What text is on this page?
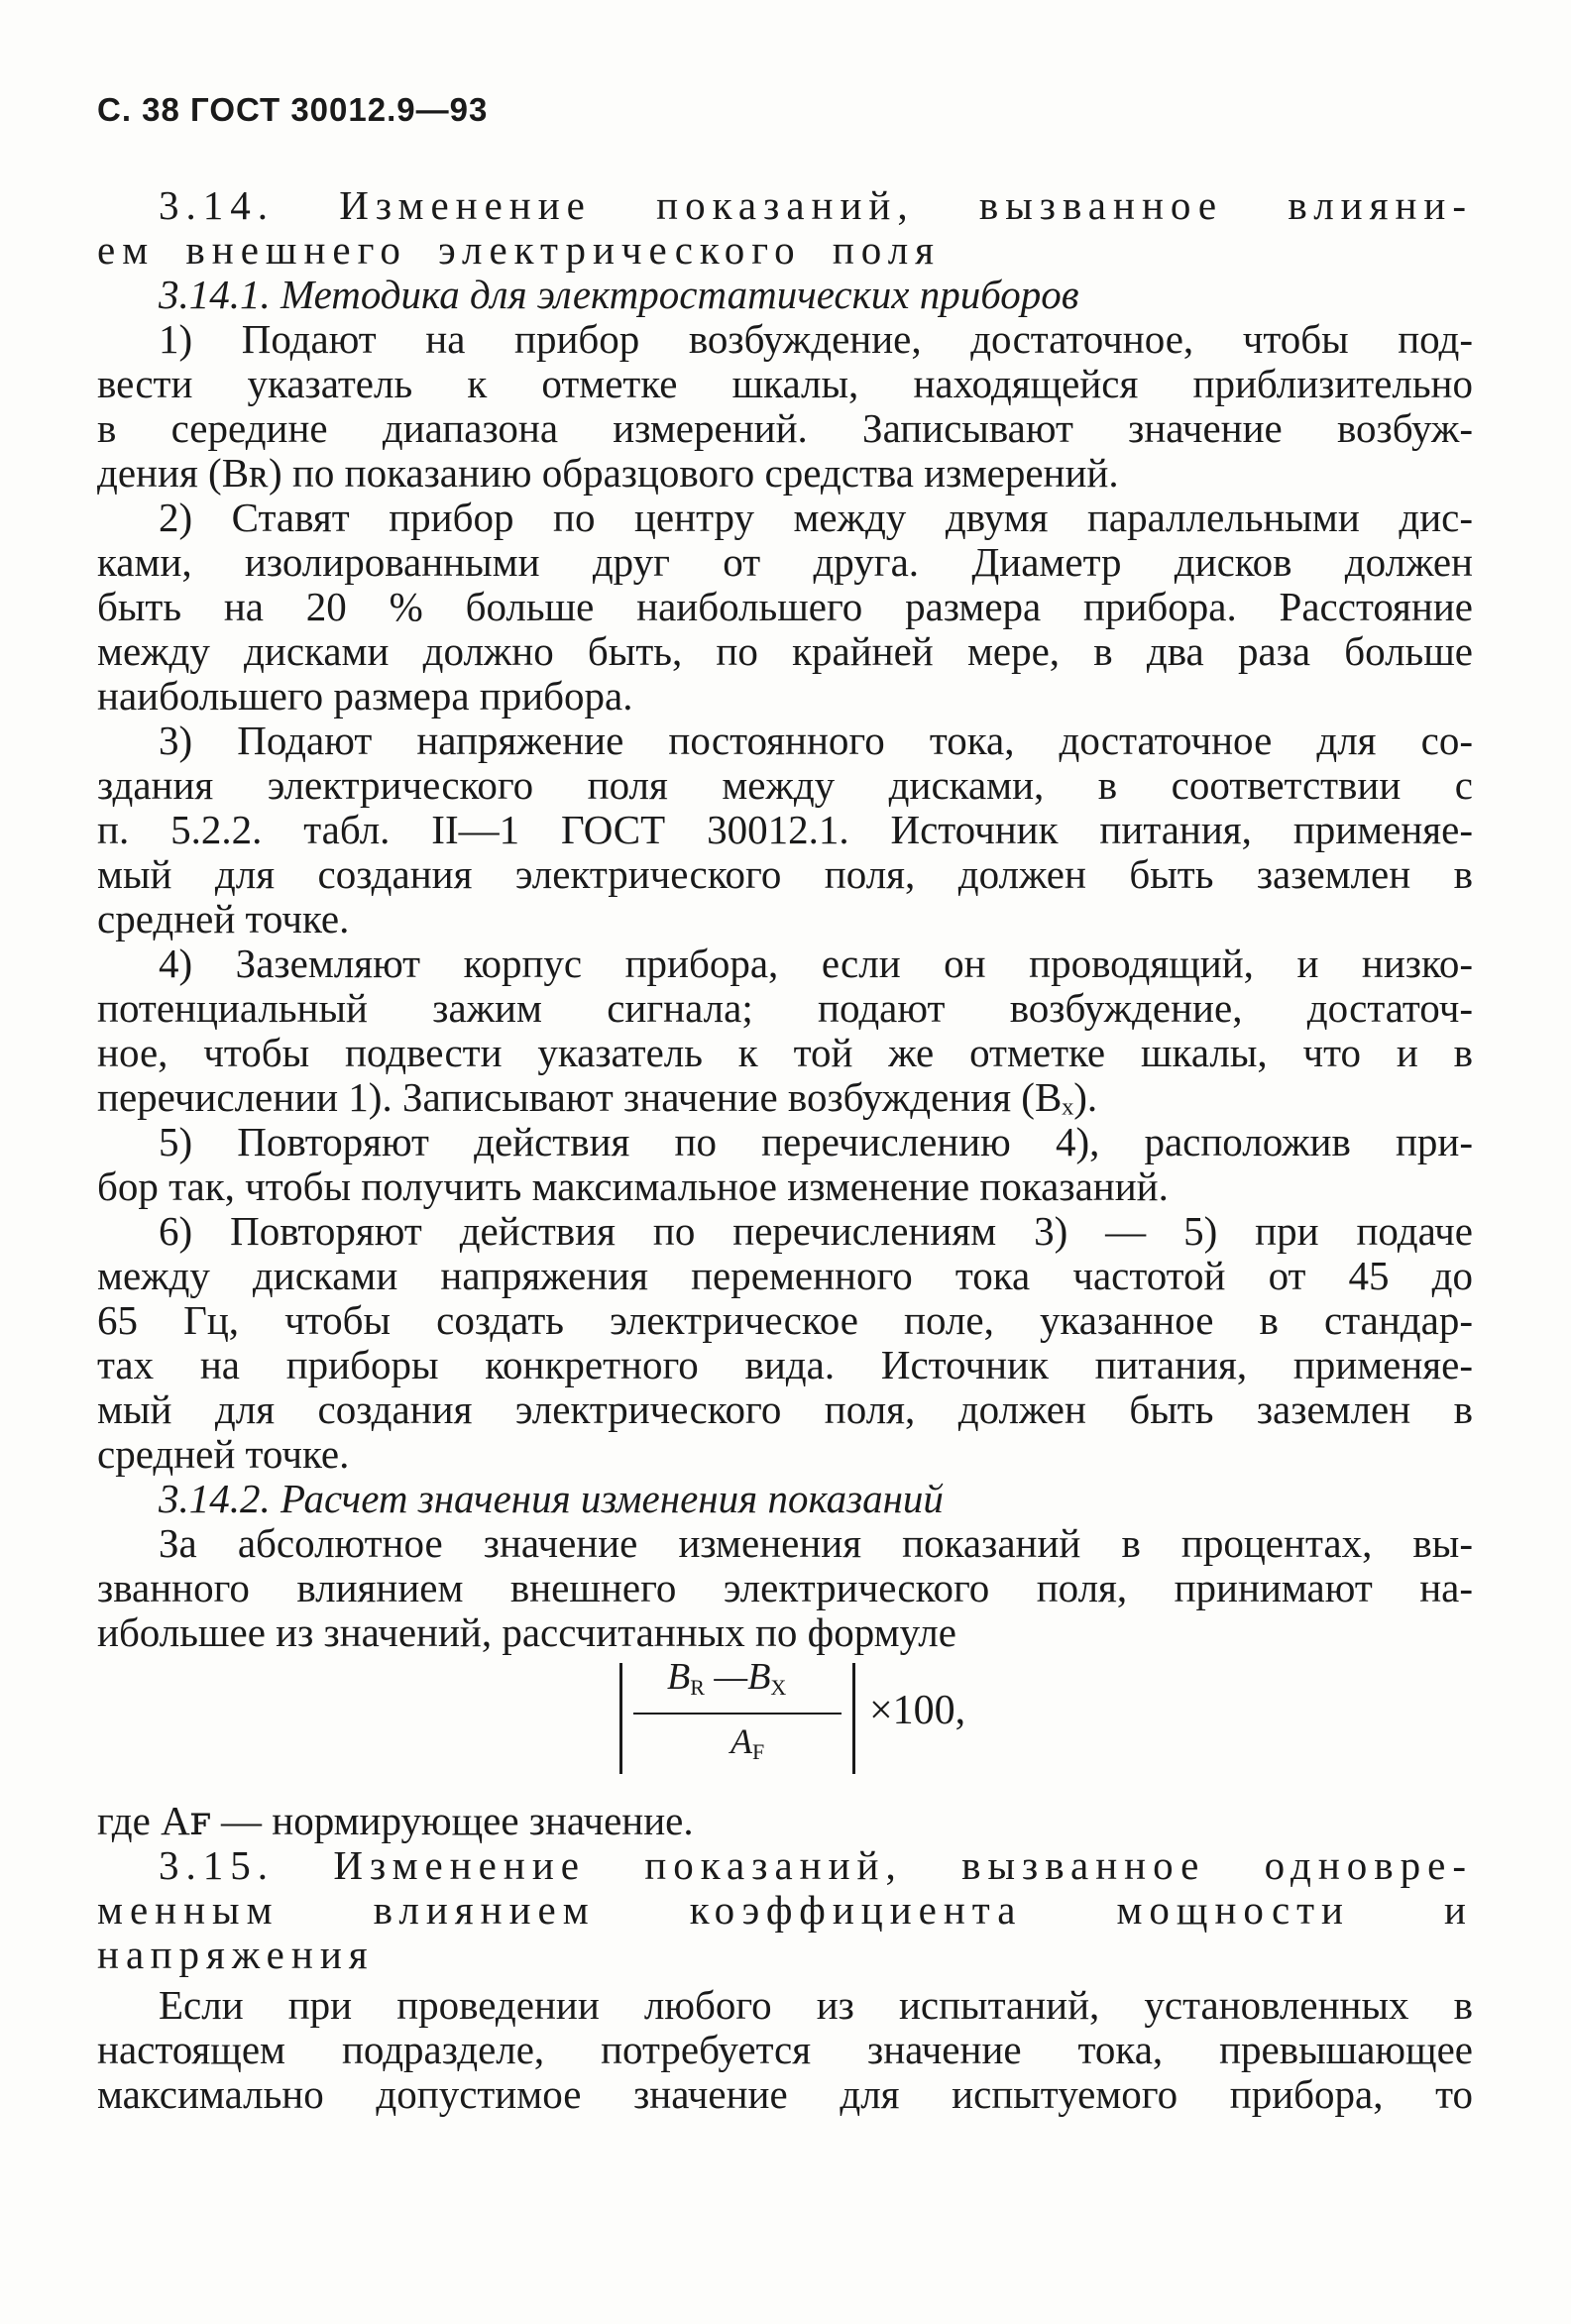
С. 38 ГОСТ 30012.9—93
3.14. Изменение показаний, вызванное влияни-
ем внешнего электрического поля
3.14.1. Методика для электростатических приборов
1) Подают на прибор возбуждение, достаточное, чтобы под-
вести указатель к отметке шкалы, находящейся приблизительно
в середине диапазона измерений. Записывают значение возбуж-
дения (Bʀ) по показанию образцового средства измерений.
2) Ставят прибор по центру между двумя параллельными дис-
ками, изолированными друг от друга. Диаметр дисков должен
быть на 20 % больше наибольшего размера прибора. Расстояние
между дисками должно быть, по крайней мере, в два раза больше
наибольшего размера прибора.
3) Подают напряжение постоянного тока, достаточное для со-
здания электрического поля между дисками, в соответствии с
п. 5.2.2. табл. II—1 ГОСТ 30012.1. Источник питания, применяе-
мый для создания электрического поля, должен быть заземлен в
средней точке.
4) Заземляют корпус прибора, если он проводящий, и низко-
потенциальный зажим сигнала; подают возбуждение, достаточ-
ное, чтобы подвести указатель к той же отметке шкалы, что и в
перечислении 1). Записывают значение возбуждения (Bₓ).
5) Повторяют действия по перечислению 4), расположив при-
бор так, чтобы получить максимальное изменение показаний.
6) Повторяют действия по перечислениям 3) — 5) при подаче
между дисками напряжения переменного тока частотой от 45 до
65 Гц, чтобы создать электрическое поле, указанное в стандар-
тах на приборы конкретного вида. Источник питания, применяе-
мый для создания электрического поля, должен быть заземлен в
средней точке.
3.14.2. Расчет значения изменения показаний
За абсолютное значение изменения показаний в процентах, вы-
званного влиянием внешнего электрического поля, принимают на-
ибольшее из значений, рассчитанных по формуле
$B_R$ $—B_X$
$A_F$
×100,
где Aꜰ — нормирующее значение.
3.15. Изменение показаний, вызванное одновре-
менным влиянием коэффициента мощности и
напряжения
Если при проведении любого из испытаний, установленных в
настоящем подразделе, потребуется значение тока, превышающее
максимально допустимое значение для испытуемого прибора, то
